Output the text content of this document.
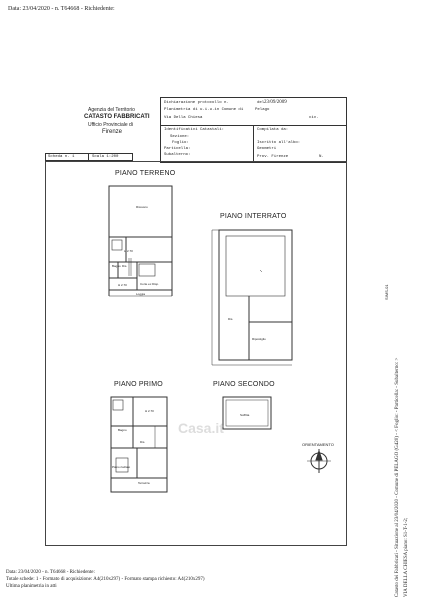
Data: 23/04/2020 - n. T64668 - Richiedente:
Agenzia del Territorio
CATASTO FABBRICATI
Ufficio Provinciale di
Firenze
Dichiarazione protocollo n.	del 23/09/2009
Planimetria di u.i.u.in Comune di	Pelago
Via Della Chiesa	civ.
Identificativi Catastali:
Sezione:
Foglio:
Particella:
Subalterno:
Compilata da:
Iscritto all'albo:
Geometri
Prov. Firenze	N.
Scheda n. 1	Scala 1:200
PIANO TERRENO
PIANO INTERRATO
PIANO PRIMO	PIANO SECONDO
Ricovero
H 2.70
Bagno Dis.
Corte ex Disp.
H 2.70
Loggia
Dis.
Ripostiglio
H 2.70
Bagno
Dis.
Piano rialzato
Terrazza
Soffitta
Casa.it
ORIENTAMENTO
SIMS-01
Catasto dei Fabbricati - Situazione al 23/04/2020 - Comune di PELAGO (G420) - < Foglio: - Particella: - Subalterno: > VIA DELLA CHIESA piano: S1-T-1-2;
Data: 23/04/2020 - n. T64668 - Richiedente:
Totale schede: 1 - Formato di acquisizione: A4(210x297) - Formato stampa richiesto: A4(210x297)
Ultima planimetria in atti
